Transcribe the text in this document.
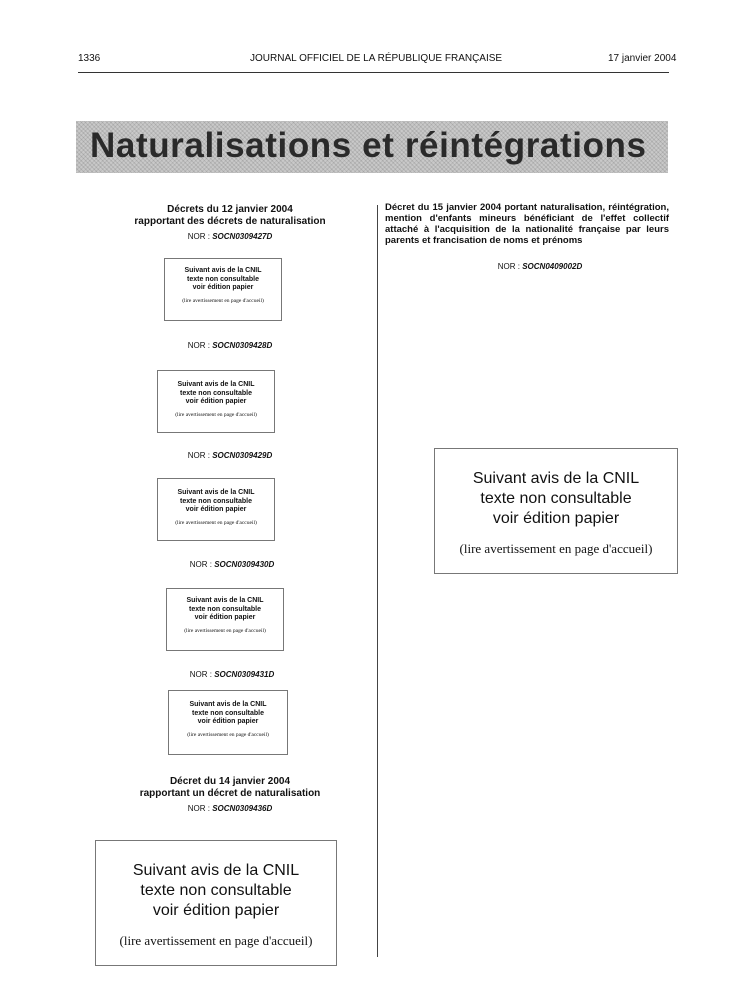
1336	JOURNAL OFFICIEL DE LA RÉPUBLIQUE FRANÇAISE	17 janvier 2004
Naturalisations et réintégrations
Décrets du 12 janvier 2004
rapportant des décrets de naturalisation
NOR : SOCN0309427D
Suivant avis de la CNIL
texte non consultable
voir édition papier
(lire avertissement en page d'accueil)
NOR : SOCN0309428D
Suivant avis de la CNIL
texte non consultable
voir édition papier
(lire avertissement en page d'accueil)
NOR : SOCN0309429D
Suivant avis de la CNIL
texte non consultable
voir édition papier
(lire avertissement en page d'accueil)
NOR : SOCN0309430D
Suivant avis de la CNIL
texte non consultable
voir édition papier
(lire avertissement en page d'accueil)
NOR : SOCN0309431D
Suivant avis de la CNIL
texte non consultable
voir édition papier
(lire avertissement en page d'accueil)
Décret du 14 janvier 2004
rapportant un décret de naturalisation
NOR : SOCN0309436D
Suivant avis de la CNIL
texte non consultable
voir édition papier
(lire avertissement en page d'accueil)
Décret du 15 janvier 2004 portant naturalisation, réintégration, mention d'enfants mineurs bénéficiant de l'effet collectif attaché à l'acquisition de la nationalité française par leurs parents et francisation de noms et prénoms
NOR : SOCN0409002D
Suivant avis de la CNIL
texte non consultable
voir édition papier
(lire avertissement en page d'accueil)
